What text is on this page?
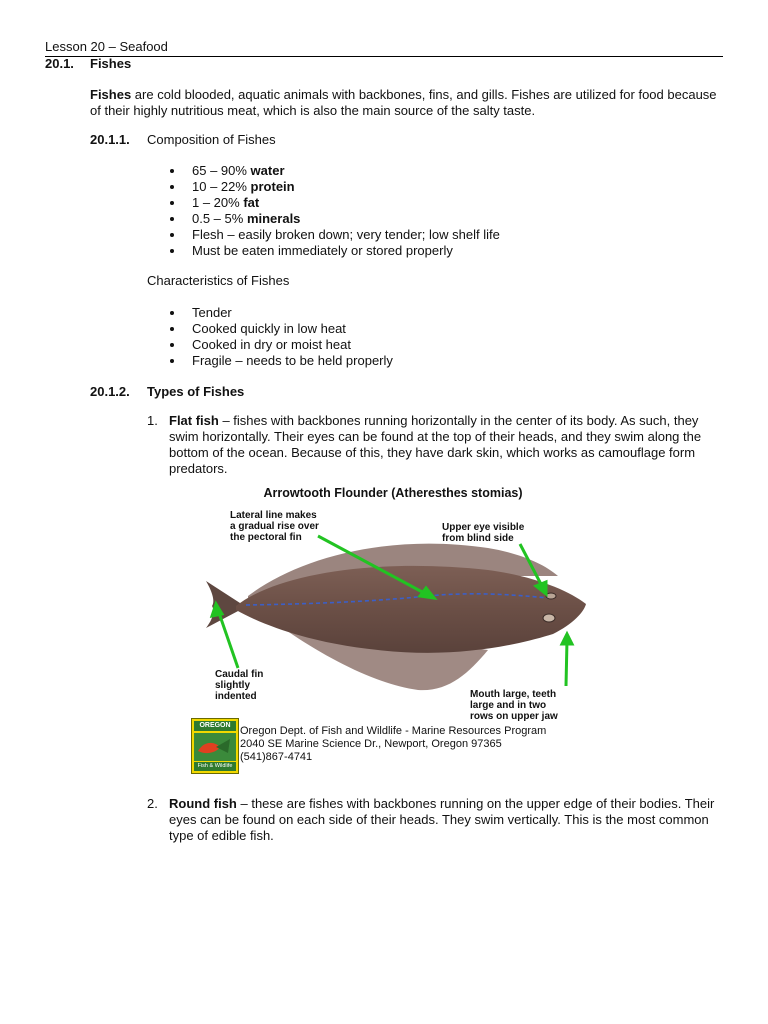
Lesson 20 – Seafood
20.1. Fishes
Fishes are cold blooded, aquatic animals with backbones, fins, and gills. Fishes are utilized for food because of their highly nutritious meat, which is also the main source of the salty taste.
20.1.1. Composition of Fishes
65 – 90% water
10 – 22% protein
1 – 20% fat
0.5 – 5% minerals
Flesh – easily broken down; very tender; low shelf life
Must be eaten immediately or stored properly
Characteristics of Fishes
Tender
Cooked quickly in low heat
Cooked in dry or moist heat
Fragile – needs to be held properly
20.1.2. Types of Fishes
1. Flat fish – fishes with backbones running horizontally in the center of its body. As such, they swim horizontally. Their eyes can be found at the top of their heads, and they swim along the bottom of the ocean. Because of this, they have dark skin, which works as camouflage form predators.
Arrowtooth Flounder (Atheresthes stomias)
Lateral line makes
a gradual rise over
the pectoral fin
Upper eye visible
from blind side
Caudal fin
slightly
indented	Mouth large, teeth
large and in two
rows on upper jaw
OREGON
Fish & Wildlife
Oregon Dept. of Fish and Wildlife - Marine Resources Program
2040 SE Marine Science Dr., Newport, Oregon 97365
(541)867-4741
2. Round fish – these are fishes with backbones running on the upper edge of their bodies. Their eyes can be found on each side of their heads. They swim vertically. This is the most common type of edible fish.
